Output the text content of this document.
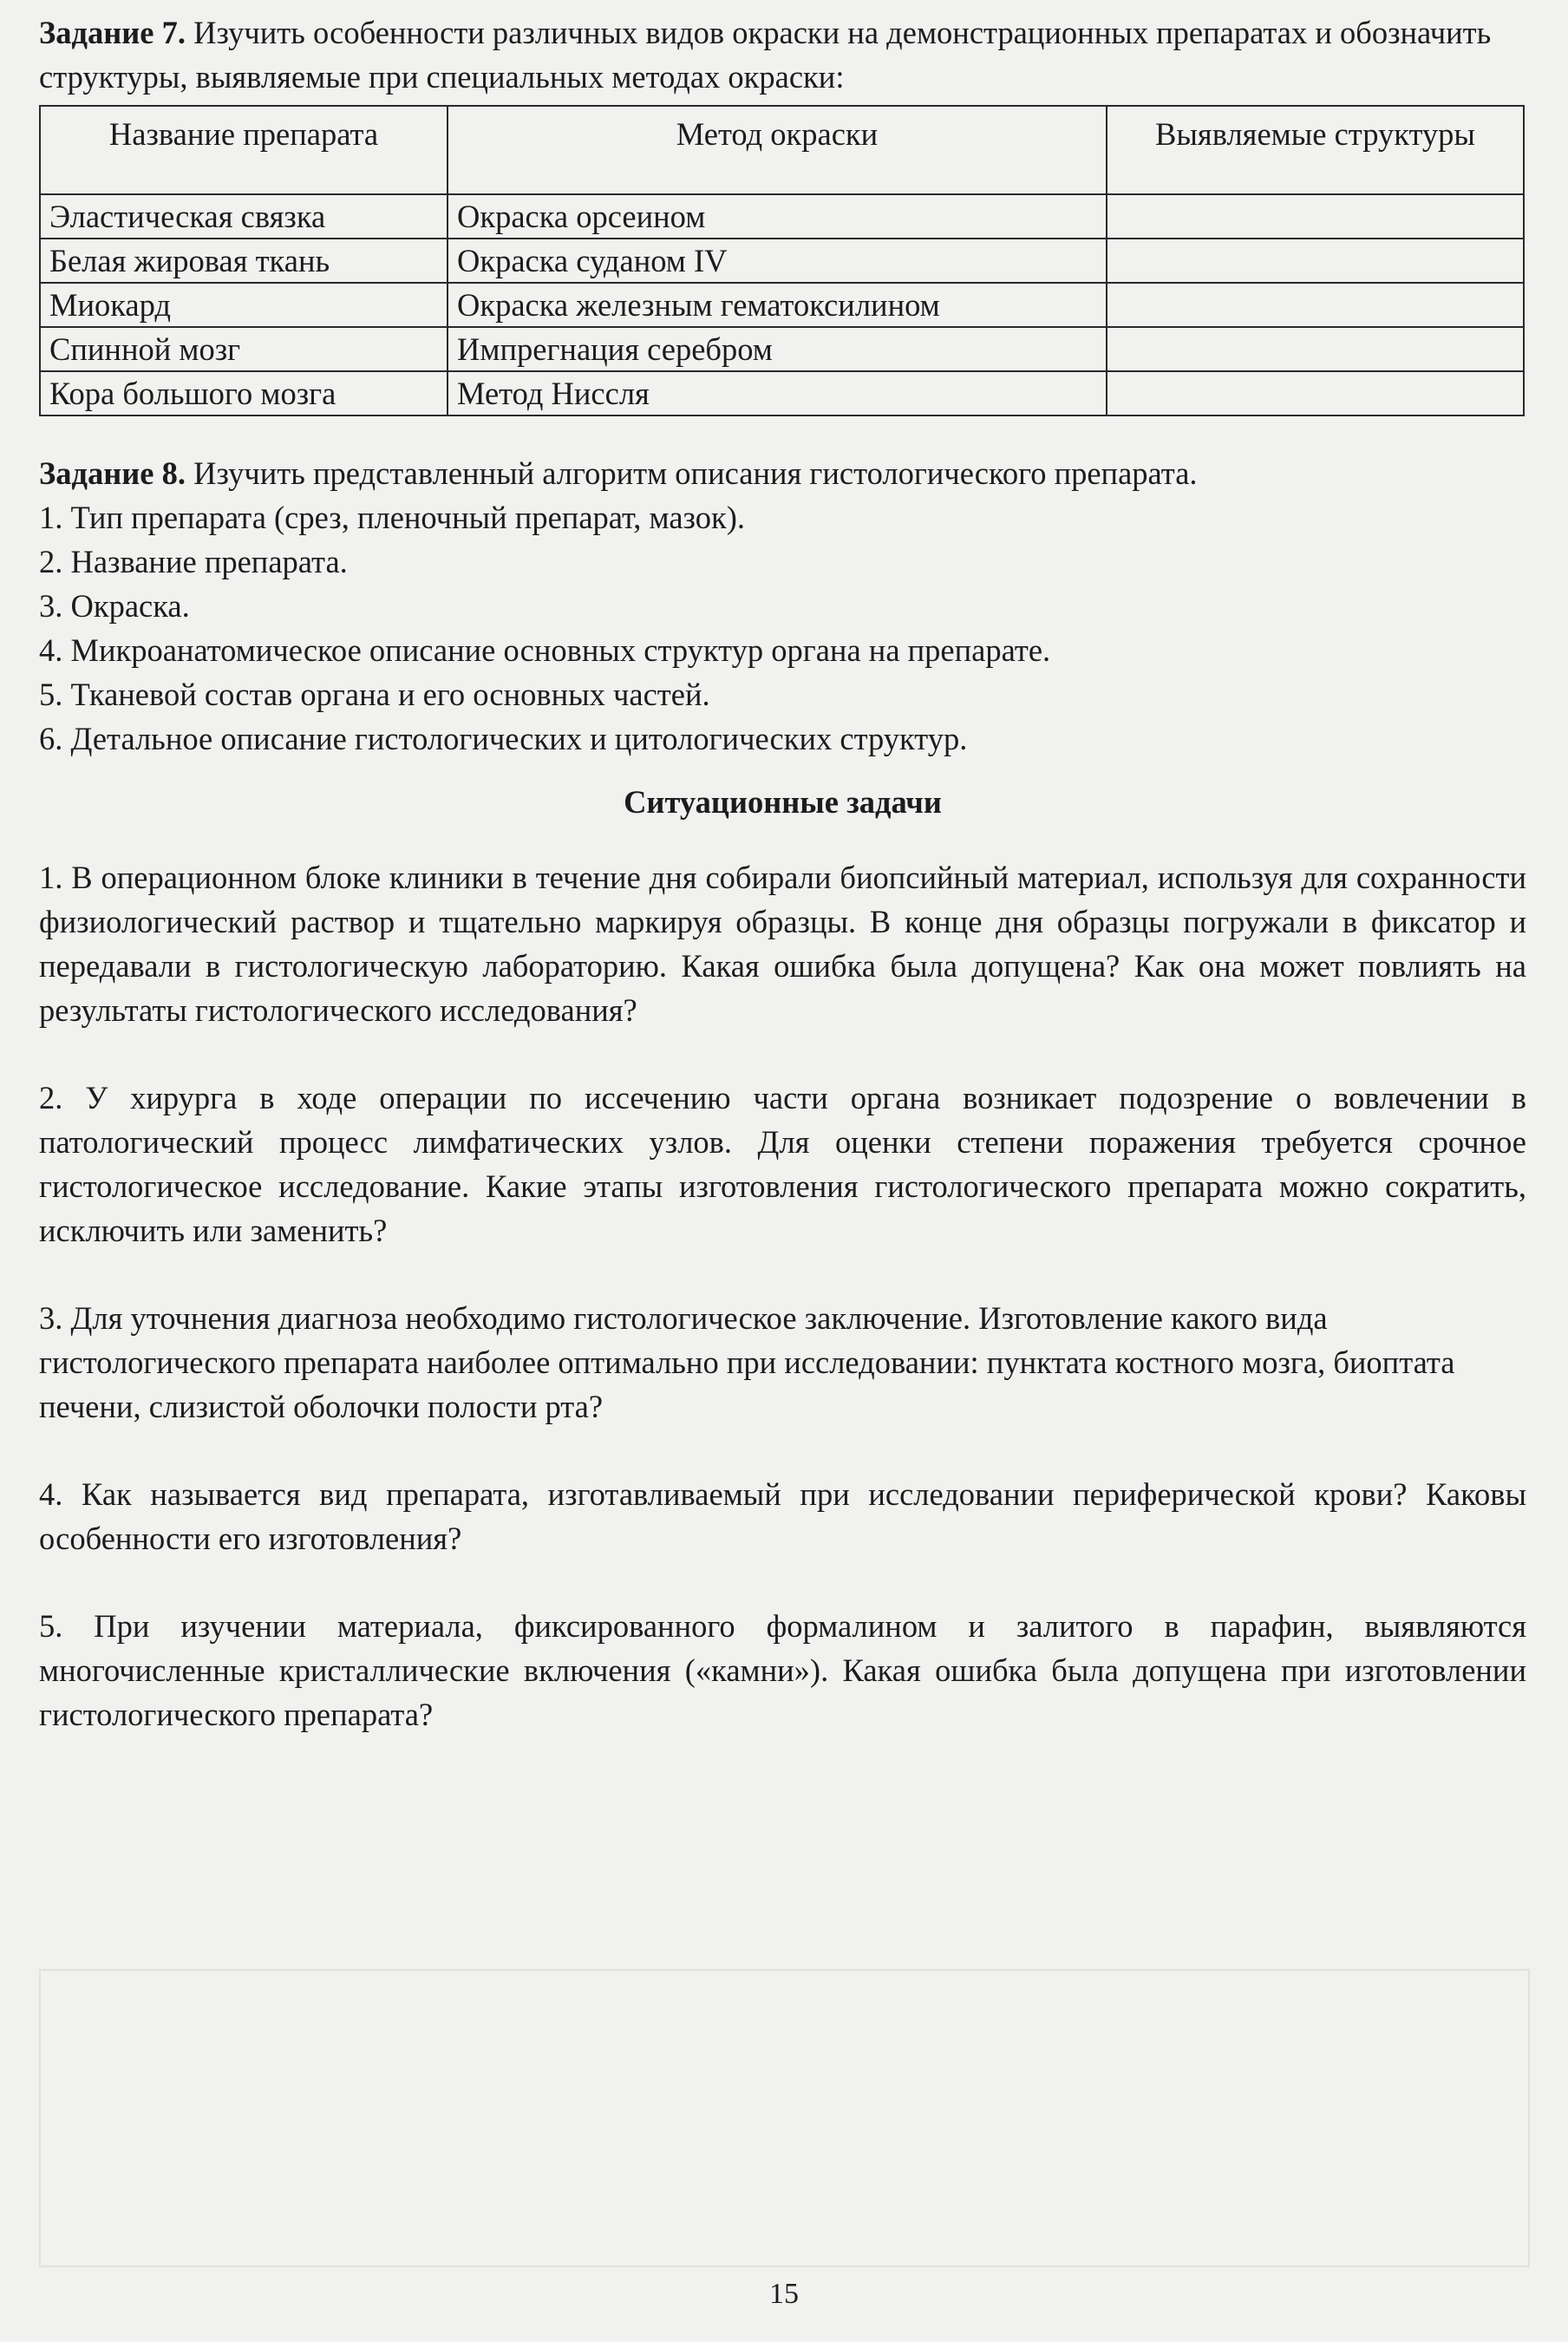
Задание 7. Изучить особенности различных видов окраски на демонстрационных препаратах и обозначить структуры, выявляемые при специальных методах окраски:

Название препарата	Метод окраски	Выявляемые структуры
Эластическая связка	Окраска орсеином	
Белая жировая ткань	Окраска суданом IV	
Миокард	Окраска железным гематоксилином	
Спинной мозг	Импрегнация серебром	
Кора большого мозга	Метод Нисcля	

Задание 8. Изучить представленный алгоритм описания гистологического препарата.

1. Тип препарата (срез, пленочный препарат, мазок).
2. Название препарата.
3. Окраска.
4. Микроанатомическое описание основных структур органа на препарате.
5. Тканевой состав органа и его основных частей.
6. Детальное описание гистологических и цитологических структур.
Ситуационные задачи

1. В операционном блоке клиники в течение дня собирали биопсийный материал, используя для сохранности физиологический раствор и тщательно маркируя образцы. В конце дня образцы погружали в фиксатор и передавали в гистологическую лабораторию. Какая ошибка была допущена? Как она может повлиять на результаты гистологического исследования?

2. У хирурга в ходе операции по иссечению части органа возникает подозрение о вовлечении в патологический процесс лимфатических узлов. Для оценки степени поражения требуется срочное гистологическое исследование. Какие этапы изготовления гистологического препарата можно сократить, исключить или заменить?

3. Для уточнения диагноза необходимо гистологическое заключение. Изготовление какого вида гистологического препарата наиболее оптимально при исследовании: пунктата костного мозга, биоптата печени, слизистой оболочки полости рта?

4. Как называется вид препарата, изготавливаемый при исследовании периферической крови? Каковы особенности его изготовления?

5. При изучении материала, фиксированного формалином и залитого в парафин, выявляются многочисленные кристаллические включения («камни»). Какая ошибка была допущена при изготовлении гистологического препарата?

15
